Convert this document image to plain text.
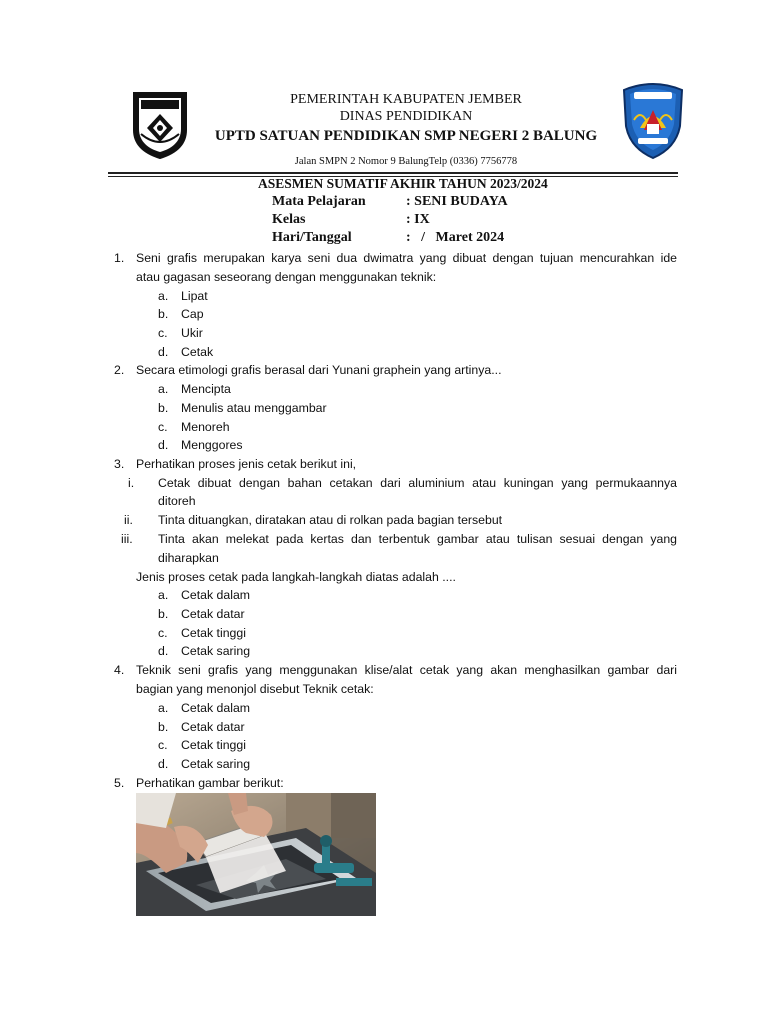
PEMERINTAH KABUPATEN JEMBER
DINAS PENDIDIKAN
UPTD SATUAN PENDIDIKAN SMP NEGERI 2 BALUNG
Jalan SMPN 2 Nomor 9 BalungTelp (0336) 7756778
ASESMEN SUMATIF AKHIR TAHUN 2023/2024
Mata Pelajaran	: SENI BUDAYA
Kelas	: IX
Hari/Tanggal	:   /   Maret 2024
1. Seni grafis merupakan karya seni dua dwimatra yang dibuat dengan tujuan mencurahkan ide
atau gagasan seseorang dengan menggunakan teknik:
a. Lipat
b. Cap
c. Ukir
d. Cetak
2. Secara etimologi grafis berasal dari Yunani graphein yang artinya...
a. Mencipta
b. Menulis atau menggambar
c. Menoreh
d. Menggores
3. Perhatikan proses jenis cetak berikut ini,
i. Cetak dibuat dengan bahan cetakan dari aluminium atau kuningan yang permukaannya
ditoreh
ii. Tinta dituangkan, diratakan atau di rolkan pada bagian tersebut
iii. Tinta akan melekat pada kertas dan terbentuk gambar atau tulisan sesuai dengan yang
diharapkan
Jenis proses cetak pada langkah-langkah diatas adalah ....
a. Cetak dalam
b. Cetak datar
c. Cetak tinggi
d. Cetak saring
4. Teknik seni grafis yang menggunakan klise/alat cetak yang akan menghasilkan gambar dari
bagian yang menonjol disebut Teknik cetak:
a. Cetak dalam
b. Cetak datar
c. Cetak tinggi
d. Cetak saring
5. Perhatikan gambar berikut:
